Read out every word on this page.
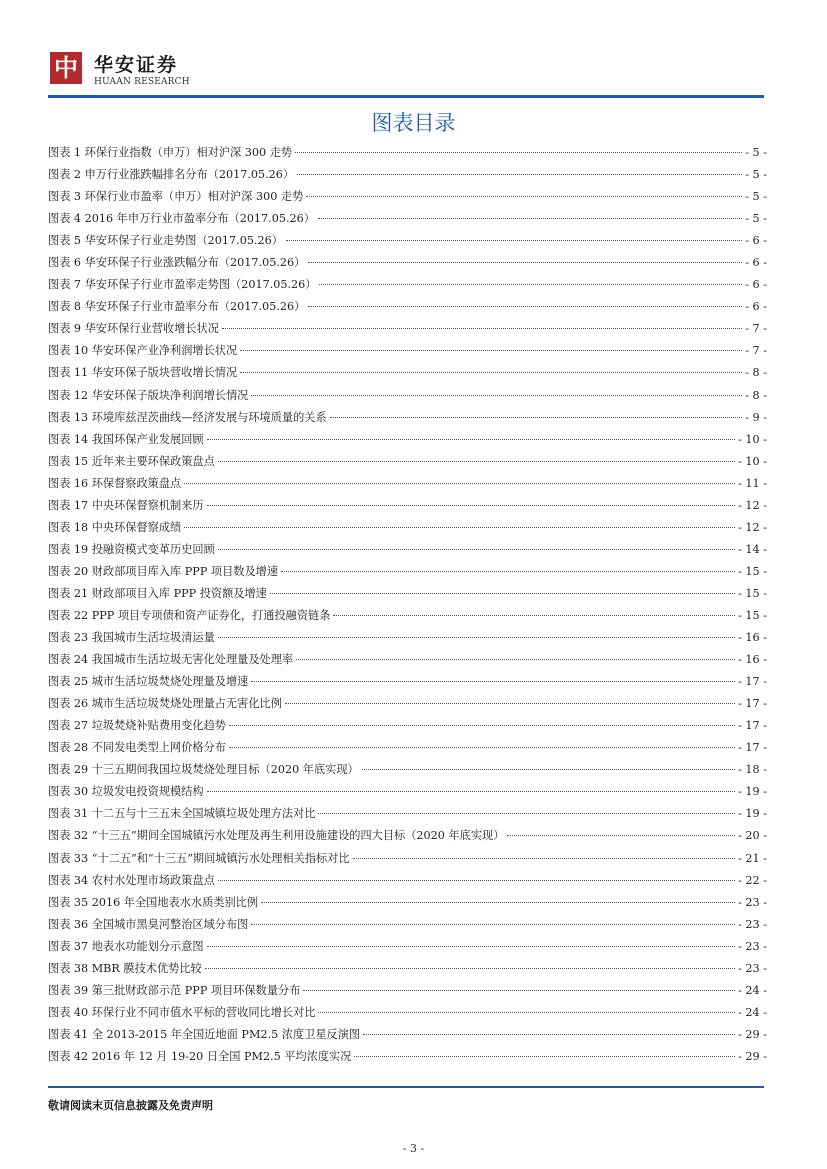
中 华安证券
HUAAN RESEARCH
图表目录
图表 1 环保行业指数（申万）相对沪深 300 走势	- 5 -
图表 2 申万行业涨跌幅排名分布（2017.05.26）	- 5 -
图表 3 环保行业市盈率（申万）相对沪深 300 走势	- 5 -
图表 4 2016 年申万行业市盈率分布（2017.05.26）	- 5 -
图表 5 华安环保子行业走势图（2017.05.26）	- 6 -
图表 6 华安环保子行业涨跌幅分布（2017.05.26）	- 6 -
图表 7 华安环保子行业市盈率走势图（2017.05.26）	- 6 -
图表 8 华安环保子行业市盈率分布（2017.05.26）	- 6 -
图表 9 华安环保行业营收增长状况	- 7 -
图表 10 华安环保产业净利润增长状况	- 7 -
图表 11 华安环保子版块营收增长情况	- 8 -
图表 12 华安环保子版块净利润增长情况	- 8 -
图表 13 环境库兹涅茨曲线—经济发展与环境质量的关系	- 9 -
图表 14 我国环保产业发展回顾	- 10 -
图表 15 近年来主要环保政策盘点	- 10 -
图表 16 环保督察政策盘点	- 11 -
图表 17 中央环保督察机制来历	- 12 -
图表 18 中央环保督察成绩	- 12 -
图表 19 投融资模式变革历史回顾	- 14 -
图表 20 财政部项目库入库 PPP 项目数及增速	- 15 -
图表 21 财政部项目入库 PPP 投资额及增速	- 15 -
图表 22 PPP 项目专项债和资产证券化，打通投融资链条	- 15 -
图表 23 我国城市生活垃圾清运量	- 16 -
图表 24 我国城市生活垃圾无害化处理量及处理率	- 16 -
图表 25 城市生活垃圾焚烧处理量及增速	- 17 -
图表 26 城市生活垃圾焚烧处理量占无害化比例	- 17 -
图表 27 垃圾焚烧补贴费用变化趋势	- 17 -
图表 28 不同发电类型上网价格分布	- 17 -
图表 29 十三五期间我国垃圾焚烧处理目标（2020 年底实现）	- 18 -
图表 30 垃圾发电投资规模结构	- 19 -
图表 31 十二五与十三五末全国城镇垃圾处理方法对比	- 19 -
图表 32 “十三五”期间全国城镇污水处理及再生利用设施建设的四大目标（2020 年底实现）	- 20 -
图表 33 “十二五”和“十三五”期间城镇污水处理相关指标对比	- 21 -
图表 34 农村水处理市场政策盘点	- 22 -
图表 35 2016 年全国地表水水质类别比例	- 23 -
图表 36 全国城市黑臭河整治区域分布图	- 23 -
图表 37 地表水功能划分示意图	- 23 -
图表 38 MBR 膜技术优势比较	- 23 -
图表 39 第三批财政部示范 PPP 项目环保数量分布	- 24 -
图表 40 环保行业不同市值水平标的营收同比增长对比	- 24 -
图表 41 全 2013-2015 年全国近地面 PM2.5 浓度卫星反演图	- 29 -
图表 42 2016 年 12 月 19-20 日全国 PM2.5 平均浓度实况	- 29 -
敬请阅读末页信息披露及免责声明
- 3 -
